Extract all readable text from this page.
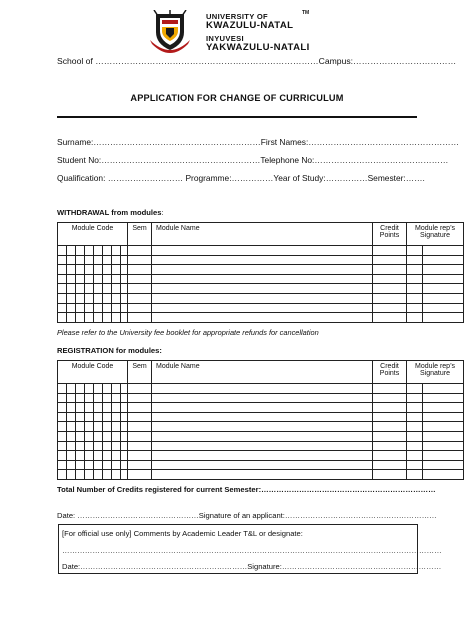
UNIVERSITY OF
KWAZULU-NATAL
INYUVESI
YAKWAZULU-NATALI
TM
School of ……………………………………………………………………Campus:………………………………
APPLICATION FOR CHANGE OF CURRICULUM
Surname:……………………………………………………First Names:………………………………………………
Student No:…………………………………………………Telephone No:…………………………………………
Qualification: ……………………… Programme:……………Year of Study:……………Semester:…….
WITHDRAWAL from modules:
Module Code								Sem	Module Name	Credit Points	Module rep’s Signature	

Please refer to the University fee booklet for appropriate refunds for cancellation
REGISTRATION for modules:
Module Code								Sem	Module Name	Credit Points	Module rep’s Signature	

Total Number of Credits registered for current Semester:……………………………………………………………
Date: …………………………………………Signature of an applicant:……………………………………………………
[For official use only] Comments by Academic Leader T&L or designate:
……………………………………………………………………………………………………………………………………
Date:…………………………………………………………Signature:………………………………………………………
